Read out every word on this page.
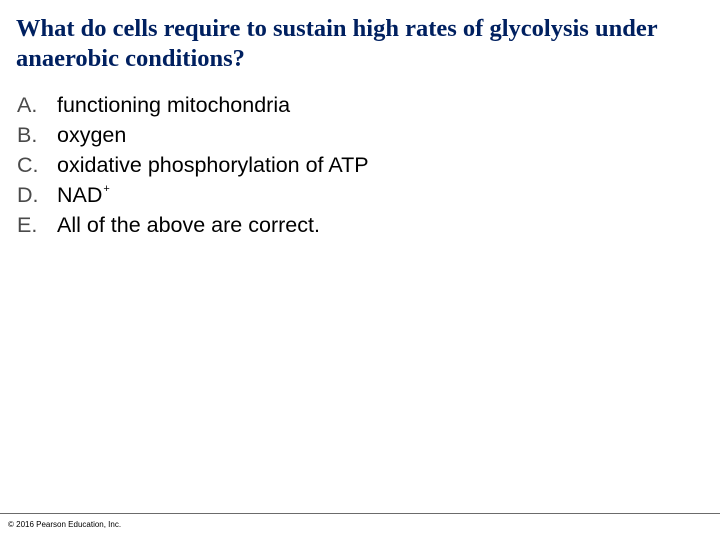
What do cells require to sustain high rates of glycolysis under anaerobic conditions?
A. functioning mitochondria
B. oxygen
C. oxidative phosphorylation of ATP
D. NAD+
E. All of the above are correct.
© 2016 Pearson Education, Inc.
